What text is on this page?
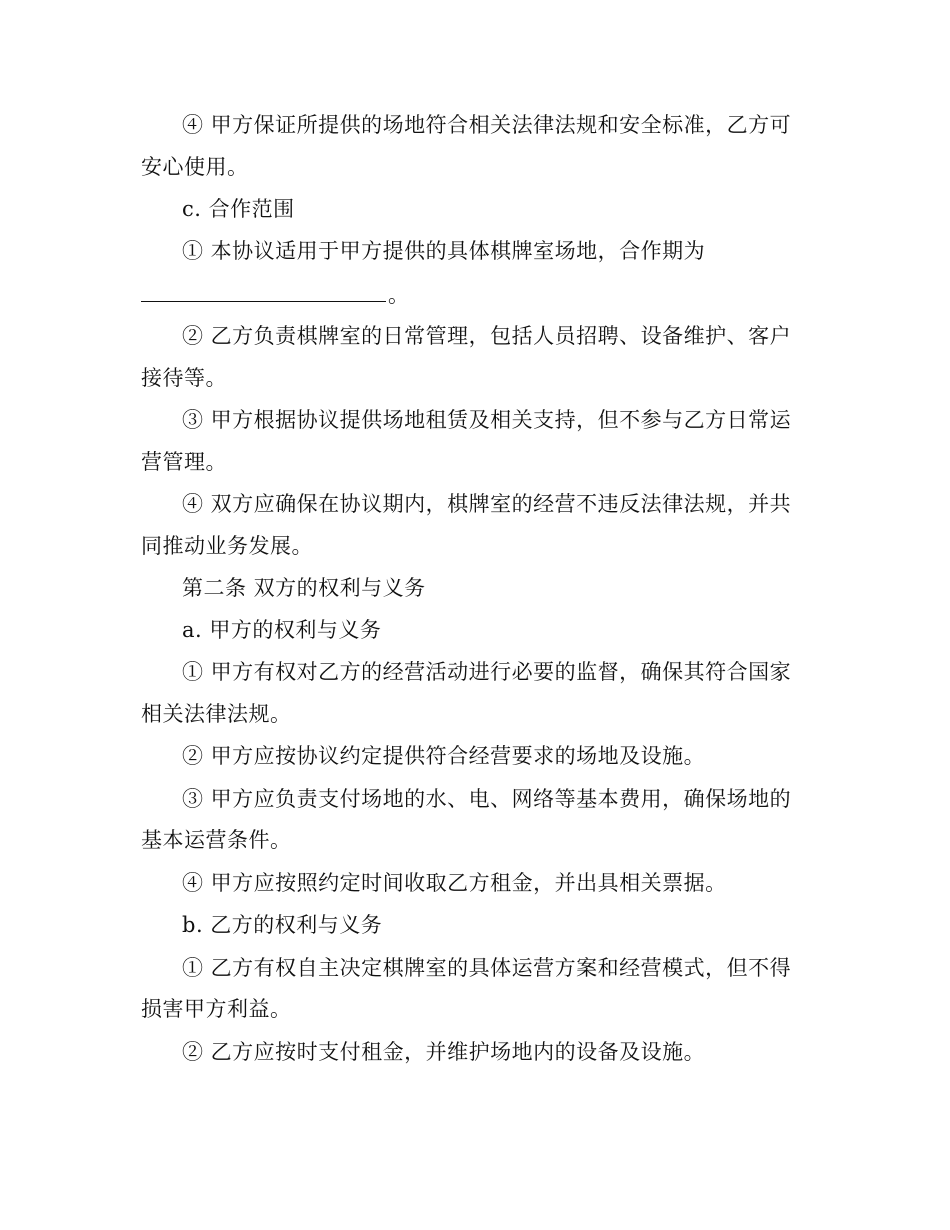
④ 甲方保证所提供的场地符合相关法律法规和安全标准，乙方可
安心使用。
c. 合作范围
① 本协议适用于甲方提供的具体棋牌室场地，合作期为
。
② 乙方负责棋牌室的日常管理，包括人员招聘、设备维护、客户
接待等。
③ 甲方根据协议提供场地租赁及相关支持，但不参与乙方日常运
营管理。
④ 双方应确保在协议期内，棋牌室的经营不违反法律法规，并共
同推动业务发展。
第二条 双方的权利与义务
a. 甲方的权利与义务
① 甲方有权对乙方的经营活动进行必要的监督，确保其符合国家
相关法律法规。
② 甲方应按协议约定提供符合经营要求的场地及设施。
③ 甲方应负责支付场地的水、电、网络等基本费用，确保场地的
基本运营条件。
④ 甲方应按照约定时间收取乙方租金，并出具相关票据。
b. 乙方的权利与义务
① 乙方有权自主决定棋牌室的具体运营方案和经营模式，但不得
损害甲方利益。
② 乙方应按时支付租金，并维护场地内的设备及设施。
